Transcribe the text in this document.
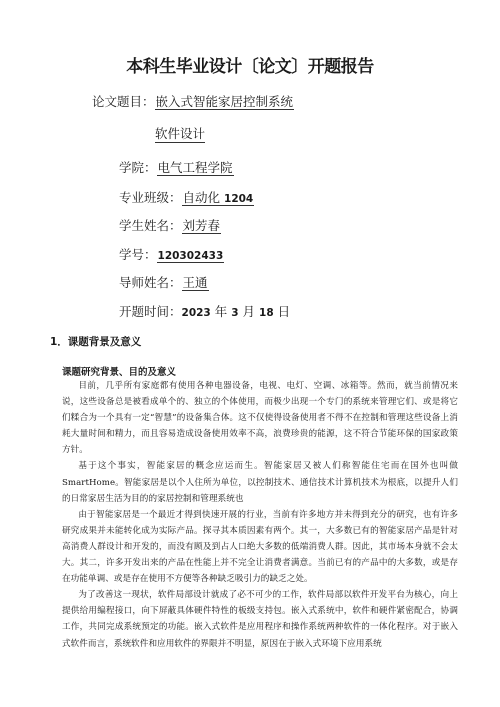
本科生毕业设计〔论文〕开题报告
论文题目：嵌入式智能家居控制系统
软件设计
学院：电气工程学院
专业班级：自动化 1204
学生姓名：刘芳春
学号：120302433
导师姓名：王通
开题时间：2023 年 3 月 18 日
1．课题背景及意义
课题研究背景、目的及意义

目前，几乎所有家庭都有使用各种电器设备，电视、电灯、空调、冰箱等。然而，就当前情况来说，这些设备总是被看成单个的、独立的个体使用，而极少出现一个专门的系统来管理它们、或是将它们糅合为一个具有一定“智慧”的设备集合体。这不仅使得设备使用者不得不在控制和管理这些设备上消耗大量时间和精力，而且容易造成设备使用效率不高，浪费珍贵的能源，这不符合节能环保的国家政策方针。

基于这个事实，智能家居的概念应运而生。智能家居又被人们称智能住宅而在国外也叫做SmartHome。智能家居是以个人住所为单位，以控制技术、通信技术计算机技术为根底，以提升人们的日常家居生活为目的的家居控制和管理系统也

由于智能家居是一个最近才得到快速开展的行业，当前有许多地方并未得到充分的研究，也有许多研究成果并未能转化成为实际产品。探寻其本质因素有两个。其一，大多数已有的智能家居产品是针对高消费人群设计和开发的，而没有顾及到占人口绝大多数的低端消费人群。因此，其市场本身就不会太大。其二，许多开发出来的产品在性能上并不完全让消费者满意。当前已有的产品中的大多数，或是存在功能单调、或是存在使用不方便等各种缺乏吸引力的缺乏之处。

为了改善这一现状，软件局部设计就成了必不可少的工作，软件局部以软件开发平台为核心，向上提供给用编程接口，向下屏蔽具体硬件特性的板级支持包。嵌入式系统中，软件和硬件紧密配合，协调工作，共同完成系统预定的功能。嵌入式软件是应用程序和操作系统两种软件的一体化程序。对于嵌入式软件而言，系统软件和应用软件的界限并不明显，原因在于嵌入式环境下应用系统
